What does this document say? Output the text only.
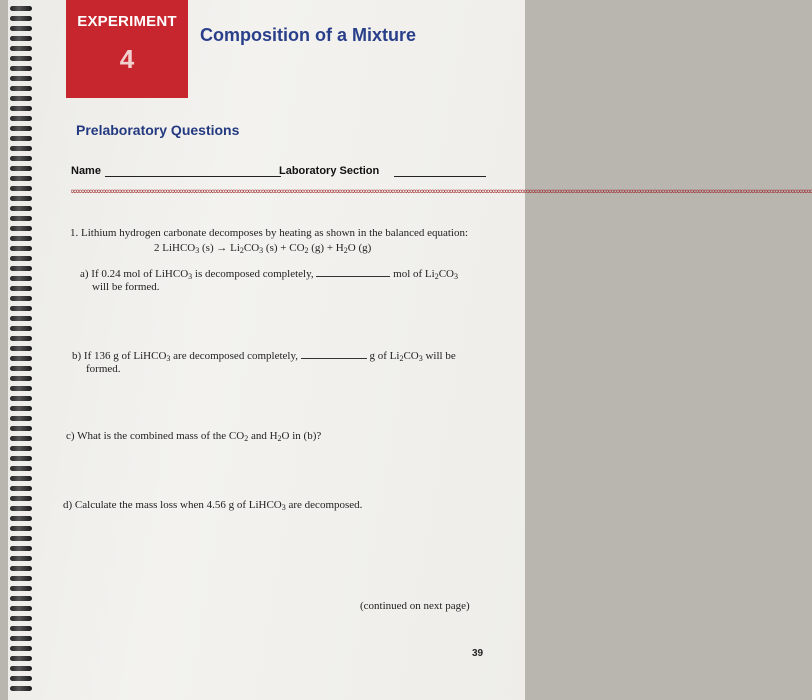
EXPERIMENT
4
Composition of a Mixture
Prelaboratory Questions
Name	Laboratory Section
∞∞∞∞∞∞∞∞∞∞∞∞∞∞∞∞∞∞∞∞∞∞∞∞∞∞∞∞∞∞∞∞∞∞∞∞∞∞∞∞∞∞∞∞∞∞∞∞∞∞∞∞∞∞∞∞∞∞∞∞∞∞∞∞∞∞∞∞∞∞∞∞∞∞∞∞∞∞∞∞∞∞∞∞∞∞∞∞∞∞∞∞∞∞∞∞∞∞∞∞∞∞∞∞∞∞∞∞∞∞∞∞∞∞∞∞∞∞∞∞∞∞∞∞∞∞∞∞∞∞∞∞∞∞∞∞∞∞∞∞
1. Lithium hydrogen carbonate decomposes by heating as shown in the balanced equation:
2 LiHCO$_3$ $(s) \to Li_2CO_3$ $(s) + CO_2$ $(g) + H_2O$ (g)
a) If 0.24 mol of LiHCO$_3$ is decomposed completely,	mol of $Li_2CO_3$
will be formed.
b) If 136 g of LiHCO$_3$ are decomposed completely,	g of $Li_2CO_3$ will be
formed.
c) What is the combined mass of the $CO_2$ and $H_2O$ in (b)?
d) Calculate the mass loss when 4.56 g of LiHCO$_3$ are decomposed.
(continued on next page)
39
